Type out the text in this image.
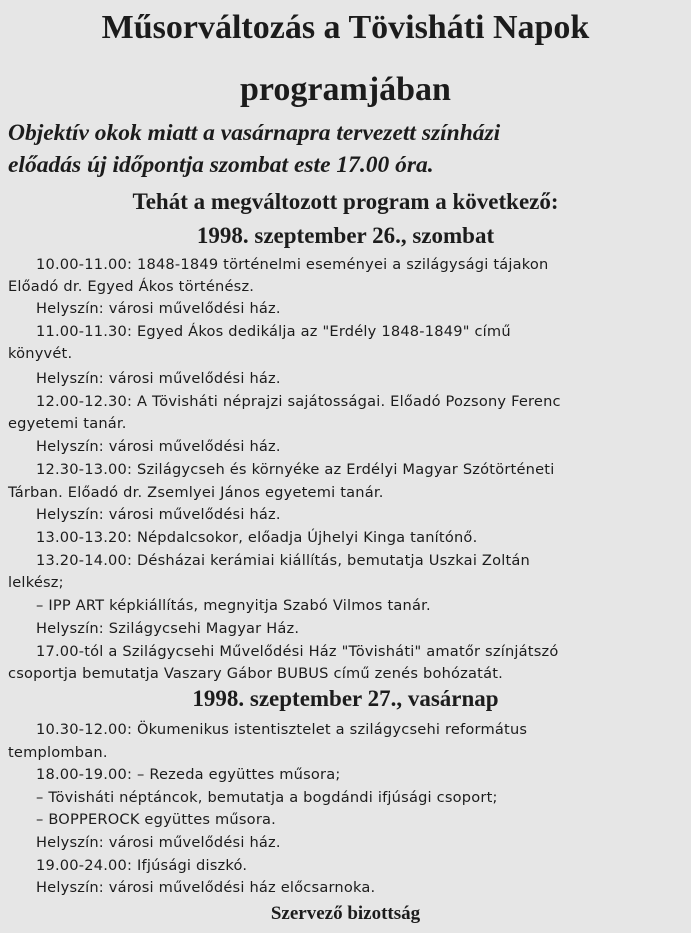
Műsorváltozás a Tövisháti Napok
programjában
Objektív okok miatt a vasárnapra tervezett színházi
előadás új időpontja szombat este 17.00 óra.
Tehát a megváltozott program a következő:
1998. szeptember 26., szombat
10.00-11.00: 1848-1849 történelmi eseményei a szilágysági tájakon
Előadó dr. Egyed Ákos történész.
Helyszín: városi művelődési ház.
11.00-11.30: Egyed Ákos dedikálja az "Erdély 1848-1849" című
könyvét.
Helyszín: városi művelődési ház.
12.00-12.30: A Tövisháti néprajzi sajátosságai. Előadó Pozsony Ferenc
egyetemi tanár.
Helyszín: városi művelődési ház.
12.30-13.00: Szilágycseh és környéke az Erdélyi Magyar Szótörténeti
Tárban. Előadó dr. Zsemlyei János egyetemi tanár.
Helyszín: városi művelődési ház.
13.00-13.20: Népdalcsokor, előadja Újhelyi Kinga tanítónő.
13.20-14.00: Désházai kerámiai kiállítás, bemutatja Uszkai Zoltán
lelkész;
– IPP ART képkiállítás, megnyitja Szabó Vilmos tanár.
Helyszín: Szilágycsehi Magyar Ház.
17.00-tól a Szilágycsehi Művelődési Ház "Tövisháti" amatőr színjátszó
csoportja bemutatja Vaszary Gábor BUBUS című zenés bohózatát.
1998. szeptember 27., vasárnap
10.30-12.00: Ökumenikus istentisztelet a szilágycsehi református
templomban.
18.00-19.00: – Rezeda együttes műsora;
– Tövisháti néptáncok, bemutatja a bogdándi ifjúsági csoport;
– BOPPEROCK együttes műsora.
Helyszín: városi művelődési ház.
19.00-24.00: Ifjúsági diszkó.
Helyszín: városi művelődési ház előcsarnoka.
Szervező bizottság
